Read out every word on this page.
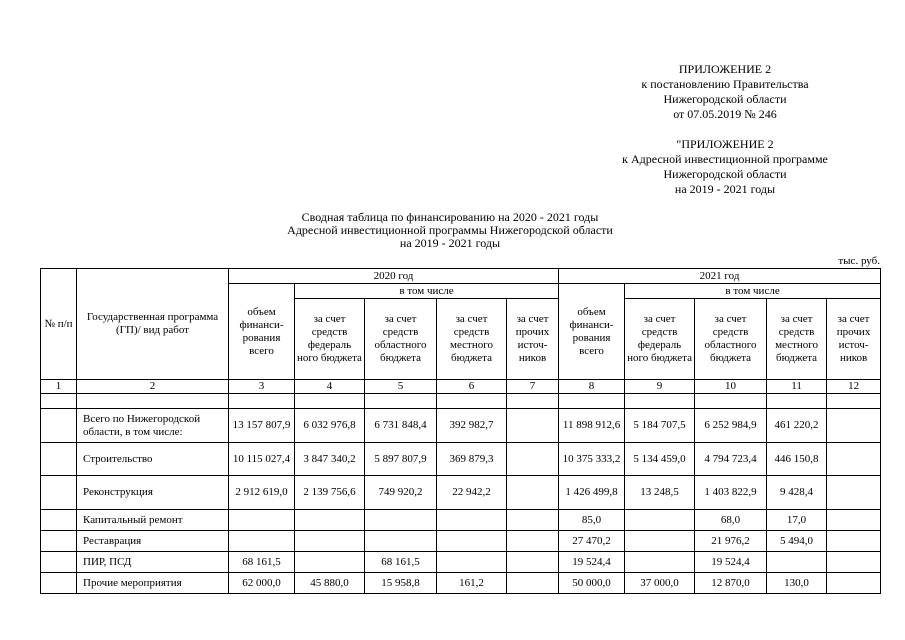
ПРИЛОЖЕНИЕ 2
к постановлению Правительства
Нижегородской области
от 07.05.2019 № 246
"ПРИЛОЖЕНИЕ 2
к Адресной инвестиционной программе
Нижегородской области
на 2019 - 2021 годы
Сводная таблица по финансированию на 2020 - 2021 годы
Адресной инвестиционной программы Нижегородской области
на 2019 - 2021 годы
тыс. руб.
№ п/п	Государственная программа (ГП)/ вид работ	2020 год					2021 год				
		объем финанси-рования всего	в том числе				объем финанси-рования всего	в том числе			
			за счет средств федераль ного бюджета	за счет средств областного бюджета	за счет средств местного бюджета	за счет прочих источ-ников		за счет средств федераль ного бюджета	за счет средств областного бюджета	за счет средств местного бюджета	за счет прочих источ-ников
1	2	3	4	5	6	7	8	9	10	11	12

	Всего по Нижегородской области, в том числе:	13 157 807,9	6 032 976,8	6 731 848,4	392 982,7		11 898 912,6	5 184 707,5	6 252 984,9	461 220,2	
	Строительство	10 115 027,4	3 847 340,2	5 897 807,9	369 879,3		10 375 333,2	5 134 459,0	4 794 723,4	446 150,8	
	Реконструкция	2 912 619,0	2 139 756,6	749 920,2	22 942,2		1 426 499,8	13 248,5	1 403 822,9	9 428,4	
	Капитальный ремонт						85,0		68,0	17,0	
	Реставрация						27 470,2		21 976,2	5 494,0	
	ПИР, ПСД	68 161,5		68 161,5			19 524,4		19 524,4		
	Прочие мероприятия	62 000,0	45 880,0	15 958,8	161,2		50 000,0	37 000,0	12 870,0	130,0	
